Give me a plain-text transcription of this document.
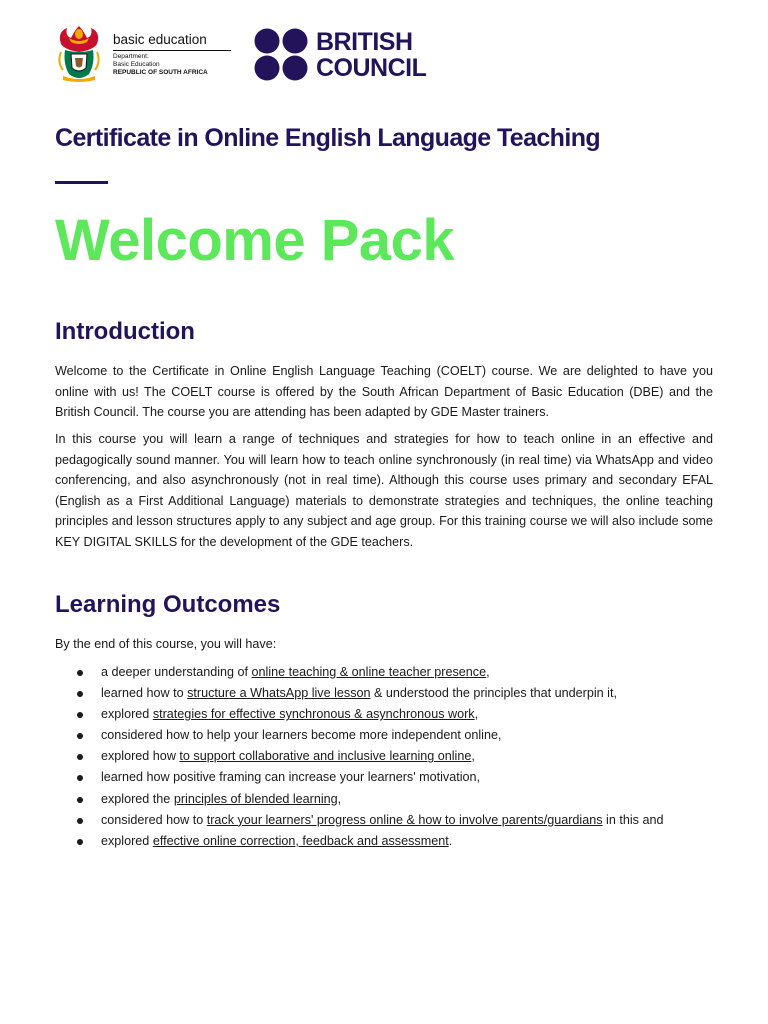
basic education
Department:
Basic Education
REPUBLIC OF SOUTH AFRICA
BRITISH
COUNCIL
Certificate in Online English Language Teaching
Welcome Pack
Introduction

Welcome to the Certificate in Online English Language Teaching (COELT) course. We are delighted to have you online with us! The COELT course is offered by the South African Department of Basic Education (DBE) and the British Council. The course you are attending has been adapted by GDE Master trainers.

In this course you will learn a range of techniques and strategies for how to teach online in an effective and pedagogically sound manner. You will learn how to teach online synchronously (in real time) via WhatsApp and video conferencing, and also asynchronously (not in real time). Although this course uses primary and secondary EFAL (English as a First Additional Language) materials to demonstrate strategies and techniques, the online teaching principles and lesson structures apply to any subject and age group. For this training course we will also include some KEY DIGITAL SKILLS for the development of the GDE teachers.

Learning Outcomes

By the end of this course, you will have:

a deeper understanding of online teaching & online teacher presence,
learned how to structure a WhatsApp live lesson & understood the principles that underpin it,
explored strategies for effective synchronous & asynchronous work,
considered how to help your learners become more independent online,
explored how to support collaborative and inclusive learning online,
learned how positive framing can increase your learners' motivation,
explored the principles of blended learning,
considered how to track your learners' progress online & how to involve parents/guardians in this and
explored effective online correction, feedback and assessment.
